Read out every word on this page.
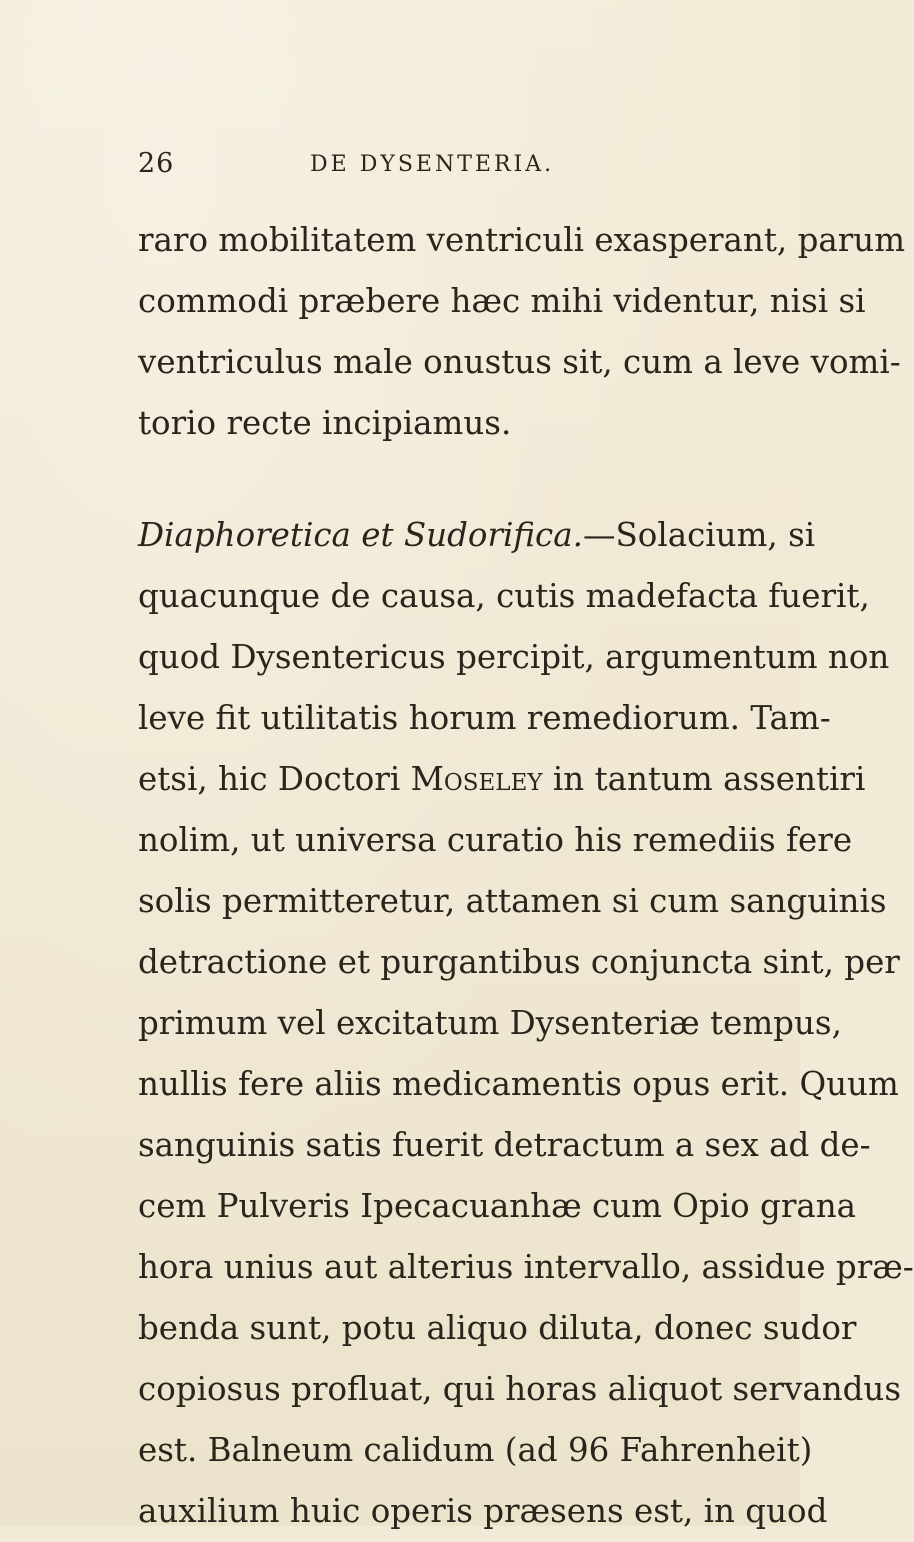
26	DE DYSENTERIA.
raro mobilitatem ventriculi exasperant, parum
commodi præbere hæc mihi videntur, nisi si
ventriculus male onustus sit, cum a leve vomi-
torio recte incipiamus.
Diaphoretica et Sudorifica.—Solacium, si
quacunque de causa, cutis madefacta fuerit,
quod Dysentericus percipit, argumentum non
leve fit utilitatis horum remediorum. Tam-
etsi, hic Doctori Moseley in tantum assentiri
nolim, ut universa curatio his remediis fere
solis permitteretur, attamen si cum sanguinis
detractione et purgantibus conjuncta sint, per
primum vel excitatum Dysenteriæ tempus,
nullis fere aliis medicamentis opus erit. Quum
sanguinis satis fuerit detractum a sex ad de-
cem Pulveris Ipecacuanhæ cum Opio grana
hora unius aut alterius intervallo, assidue præ-
benda sunt, potu aliquo diluta, donec sudor
copiosus profluat, qui horas aliquot servandus
est. Balneum calidum (ad 96 Fahrenheit)
auxilium huic operis præsens est, in quod
